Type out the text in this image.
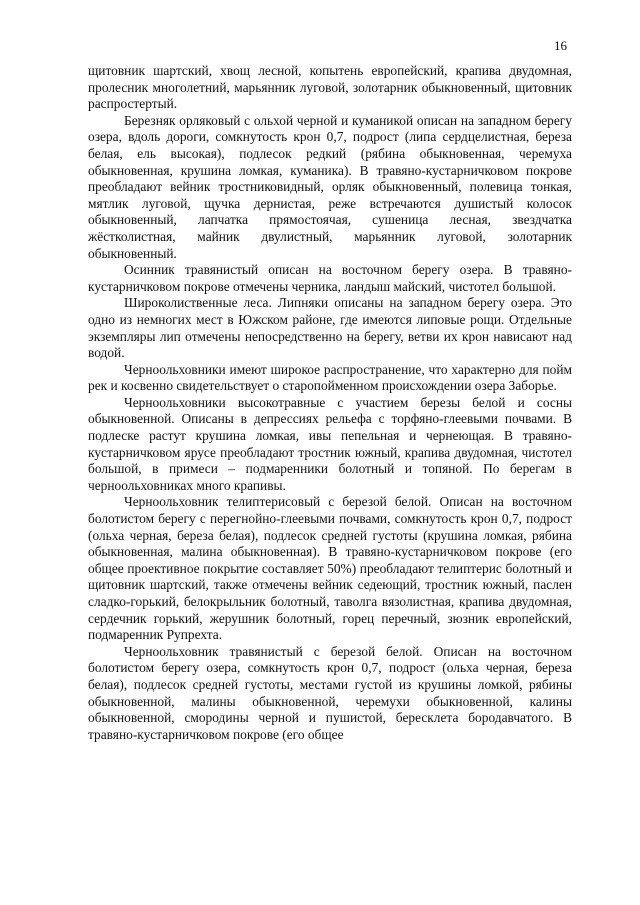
16

щитовник шартский, хвощ лесной, копытень европейский, крапива двудомная, пролесник многолетний, марьянник луговой, золотарник обыкновенный, щитовник распростертый.

Березняк орляковый с ольхой черной и куманикой описан на западном берегу озера, вдоль дороги, сомкнутость крон 0,7, подрост (липа сердцелистная, береза белая, ель высокая), подлесок редкий (рябина обыкновенная, черемуха обыкновенная, крушина ломкая, куманика). В травяно-кустарничковом покрове преобладают вейник тростниковидный, орляк обыкновенный, полевица тонкая, мятлик луговой, щучка дернистая, реже встречаются душистый колосок обыкновенный, лапчатка прямостоячая, сушеница лесная, звездчатка жёстколистная, майник двулистный, марьянник луговой, золотарник обыкновенный.

Осинник травянистый описан на восточном берегу озера. В травяно-кустарничковом покрове отмечены черника, ландыш майский, чистотел большой.

Широколиственные леса. Липняки описаны на западном берегу озера. Это одно из немногих мест в Южском районе, где имеются липовые рощи. Отдельные экземпляры лип отмечены непосредственно на берегу, ветви их крон нависают над водой.

Черноольховники имеют широкое распространение, что характерно для пойм рек и косвенно свидетельствует о старопойменном происхождении озера Заборье.

Черноольховники высокотравные с участием березы белой и сосны обыкновенной. Описаны в депрессиях рельефа с торфяно-глеевыми почвами. В подлеске растут крушина ломкая, ивы пепельная и чернеющая. В травяно-кустарничковом ярусе преобладают тростник южный, крапива двудомная, чистотел большой, в примеси – подмаренники болотный и топяной. По берегам в черноольховниках много крапивы.

Черноольховник телиптерисовый с березой белой. Описан на восточном болотистом берегу с перегнойно-глеевыми почвами, сомкнутость крон 0,7, подрост (ольха черная, береза белая), подлесок средней густоты (крушина ломкая, рябина обыкновенная, малина обыкновенная). В травяно-кустарничковом покрове (его общее проективное покрытие составляет 50%) преобладают телиптерис болотный и щитовник шартский, также отмечены вейник седеющий, тростник южный, паслен сладко-горький, белокрыльник болотный, таволга вязолистная, крапива двудомная, сердечник горький, жерушник болотный, горец перечный, зюзник европейский, подмаренник Рупрехта.

Черноольховник травянистый с березой белой. Описан на восточном болотистом берегу озера, сомкнутость крон 0,7, подрост (ольха черная, береза белая), подлесок средней густоты, местами густой из крушины ломкой, рябины обыкновенной, малины обыкновенной, черемухи обыкновенной, калины обыкновенной, смородины черной и пушистой, бересклета бородавчатого. В травяно-кустарничковом покрове (его общее
